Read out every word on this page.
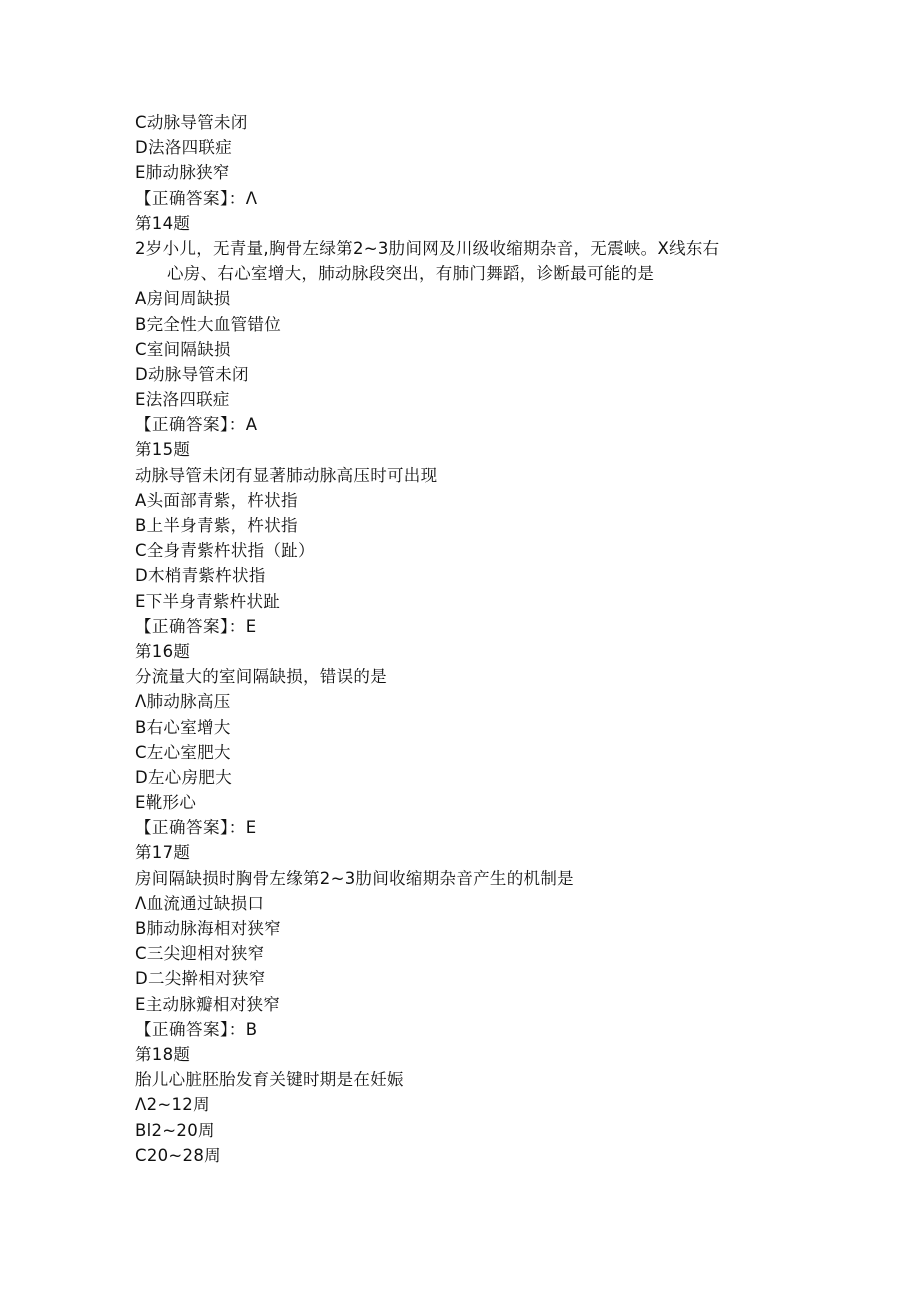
C动脉导管未闭
D法洛四联症
E肺动脉狭窄
【正确答案】：Λ
第14题
2岁小儿，无青量,胸骨左绿第2~3肋间网及川级收缩期杂音，无震峡。X线东右
心房、右心室增大，肺动脉段突出，有肺门舞蹈，诊断最可能的是
A房间周缺损
B完全性大血管错位
C室间隔缺损
D动脉导管未闭
E法洛四联症
【正确答案】：A
第15题
动脉导管未闭有显著肺动脉高压时可出现
A头面部青紫，杵状指
B上半身青紫，杵状指
C全身青紫杵状指（趾）
D木梢青紫杵状指
E下半身青紫杵状趾
【正确答案】：E
第16题
分流量大的室间隔缺损，错误的是
Λ肺动脉高压
B右心室增大
C左心室肥大
D左心房肥大
E靴形心
【正确答案】：E
第17题
房间隔缺损时胸骨左缘第2~3肋间收缩期杂音产生的机制是
Λ血流通过缺损口
B肺动脉海相对狭窄
C三尖迎相对狭窄
D二尖擀相对狭窄
E主动脉瓣相对狭窄
【正确答案】：B
第18题
胎儿心脏胚胎发育关键时期是在妊娠
Λ2~12周
Bl2~20周
C20~28周
